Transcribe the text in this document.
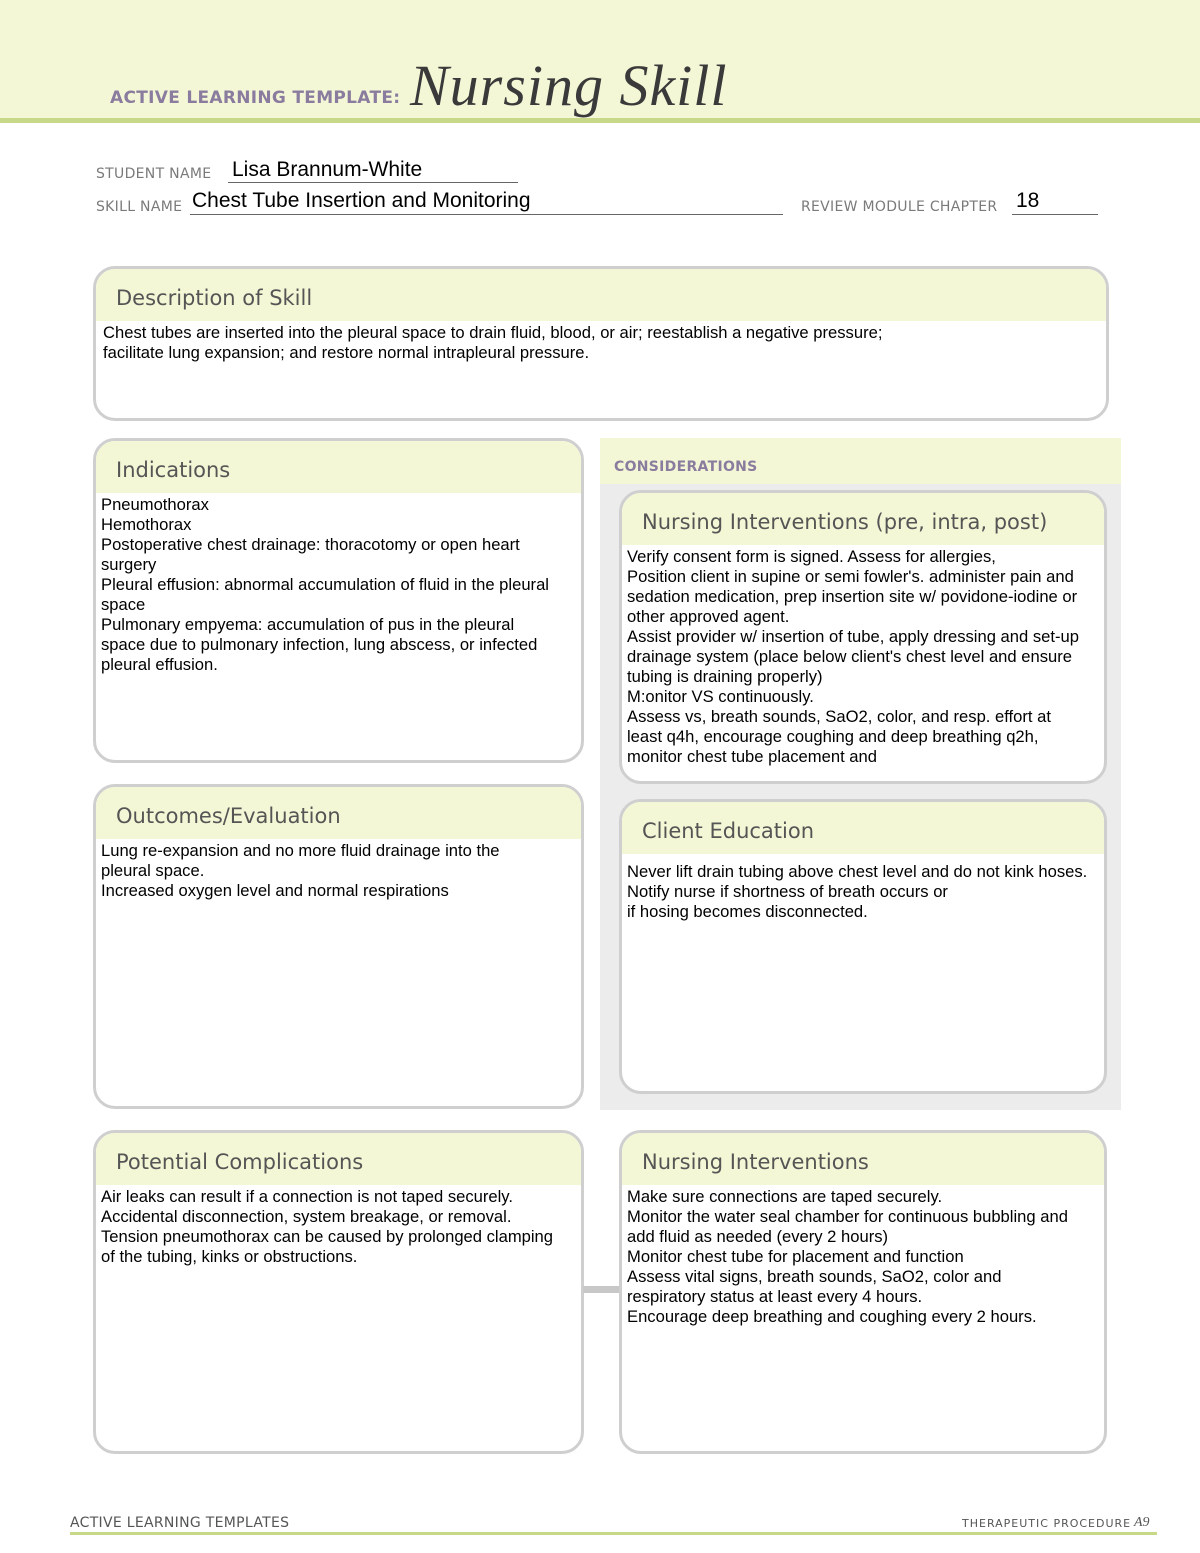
ACTIVE LEARNING TEMPLATE: Nursing Skill
STUDENT NAME Lisa Brannum-White
SKILL NAME Chest Tube Insertion and Monitoring	REVIEW MODULE CHAPTER 18
Description of Skill
Chest tubes are inserted into the pleural space to drain fluid, blood, or air; reestablish a negative pressure;
facilitate lung expansion; and restore normal intrapleural pressure.
CONSIDERATIONS
Indications
Pneumothorax
Hemothorax
Postoperative chest drainage: thoracotomy or open heart surgery
Pleural effusion: abnormal accumulation of fluid in the pleural space
Pulmonary empyema: accumulation of pus in the pleural space due to pulmonary infection, lung abscess, or infected pleural effusion.
Nursing Interventions (pre, intra, post)
Verify consent form is signed. Assess for allergies,
Position client in supine or semi fowler's. administer pain and sedation medication, prep insertion site w/ povidone-iodine or other approved agent.
Assist provider w/ insertion of tube, apply dressing and set-up drainage system (place below client's chest level and ensure tubing is draining properly)
M:onitor VS continuously.
Assess vs, breath sounds, SaO2, color, and resp. effort at least q4h, encourage coughing and deep breathing q2h, monitor chest tube placement and
Outcomes/Evaluation
Lung re-expansion and no more fluid drainage into the pleural space.
Increased oxygen level and normal respirations
Client Education
Never lift drain tubing above chest level and do not kink hoses. Notify nurse if shortness of breath occurs or
if hosing becomes disconnected.
Potential Complications
Air leaks can result if a connection is not taped securely.
Accidental disconnection, system breakage, or removal.
Tension pneumothorax can be caused by prolonged clamping of the tubing, kinks or obstructions.
Nursing Interventions
Make sure connections are taped securely.
Monitor the water seal chamber for continuous bubbling and add fluid as needed (every 2 hours)
Monitor chest tube for placement and function
Assess vital signs, breath sounds, SaO2, color and respiratory status at least every 4 hours.
Encourage deep breathing and coughing every 2 hours.
ACTIVE LEARNING TEMPLATES	THERAPEUTIC PROCEDURE A9
